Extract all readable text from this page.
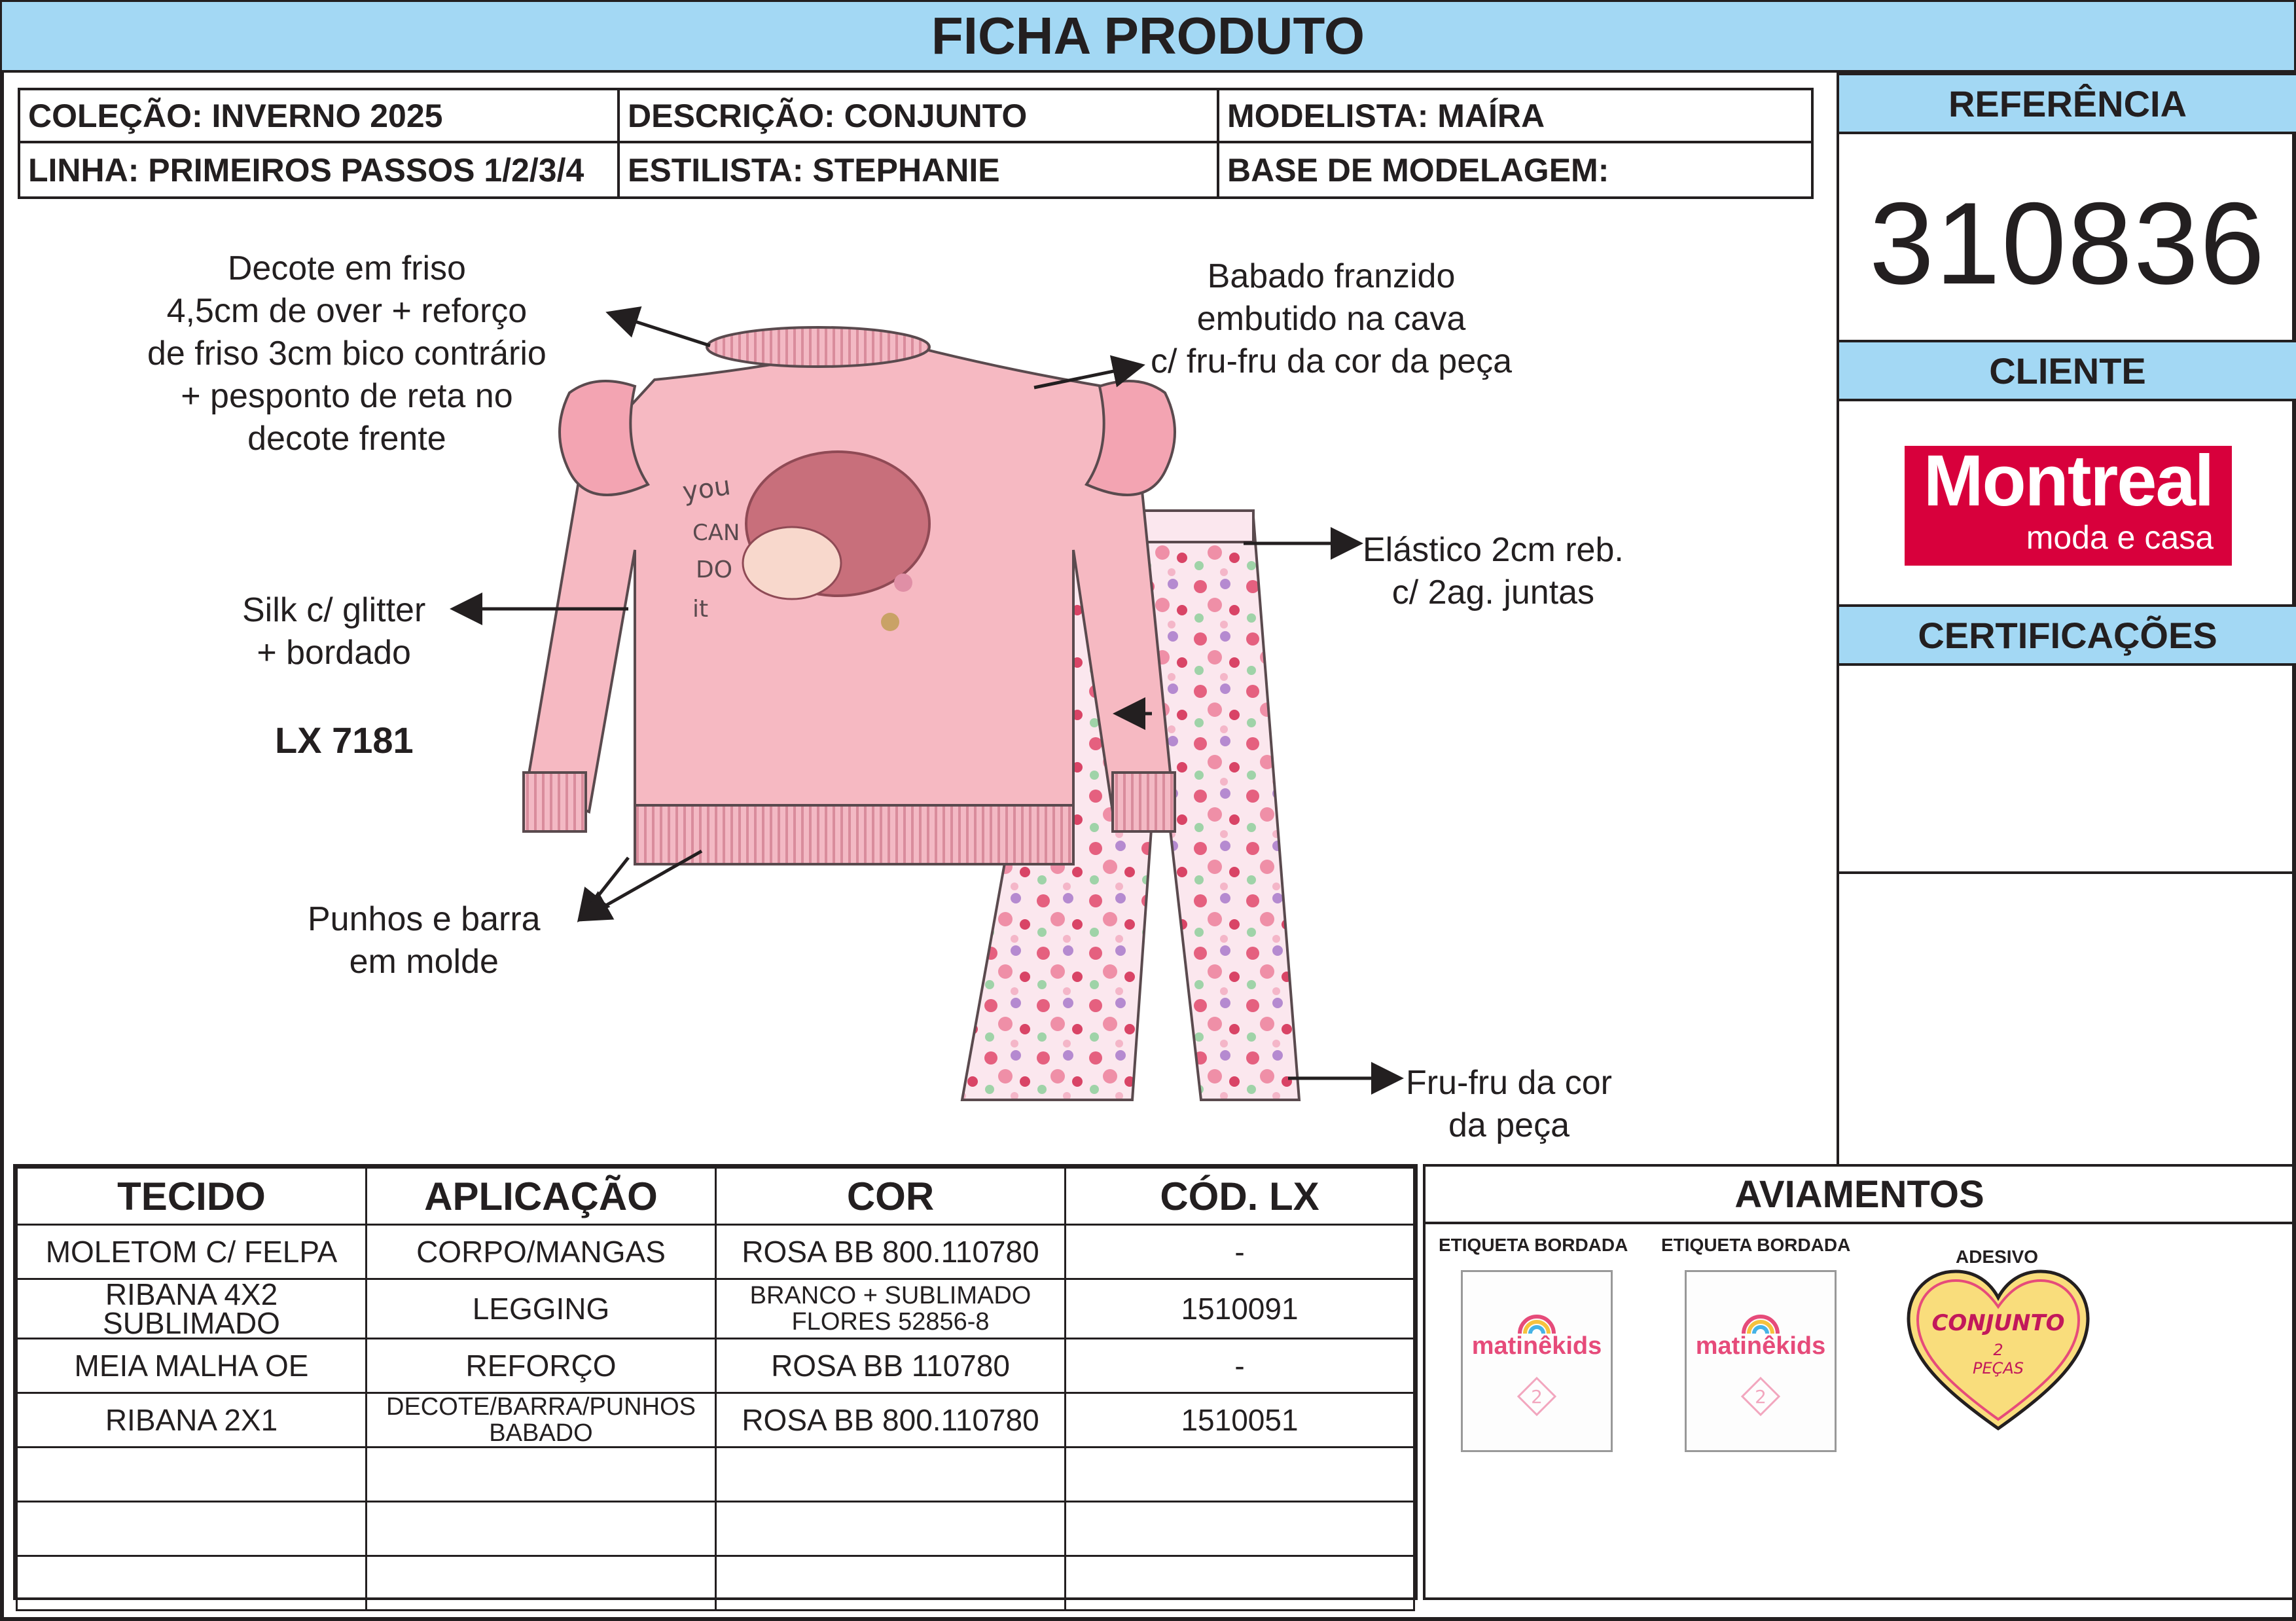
FICHA PRODUTO
COLEÇÃO: INVERNO 2025	DESCRIÇÃO: CONJUNTO	MODELISTA: MAÍRA
LINHA: PRIMEIROS PASSOS 1/2/3/4	ESTILISTA: STEPHANIE	BASE DE MODELAGEM:
REFERÊNCIA
310836
CLIENTE
Montreal
moda e casa
CERTIFICAÇÕES
you
CAN
DO
it
Decote em friso
4,5cm de over + reforço
de friso 3cm bico contrário
+ pesponto de reta no
decote frente
Babado franzido
embutido na cava
c/ fru-fru da cor da peça
Elástico 2cm reb.
c/ 2ag. juntas
Silk c/ glitter
+ bordado
LX 7181
Punhos e barra
em molde
Fru-fru da cor
da peça
TECIDO	APLICAÇÃO	COR	CÓD. LX
MOLETOM C/ FELPA	CORPO/MANGAS	ROSA BB 800.110780	-
RIBANA 4X2 SUBLIMADO	LEGGING	BRANCO + SUBLIMADO FLORES 52856-8	1510091
MEIA MALHA OE	REFORÇO	ROSA BB 110780	-
RIBANA 2X1	DECOTE/BARRA/PUNHOS BABADO	ROSA BB 800.110780	1510051

AVIAMENTOS
ETIQUETA BORDADA
matinêkids
2
ETIQUETA BORDADA
matinêkids
2
ADESIVO
CONJUNTO
2
PEÇAS
